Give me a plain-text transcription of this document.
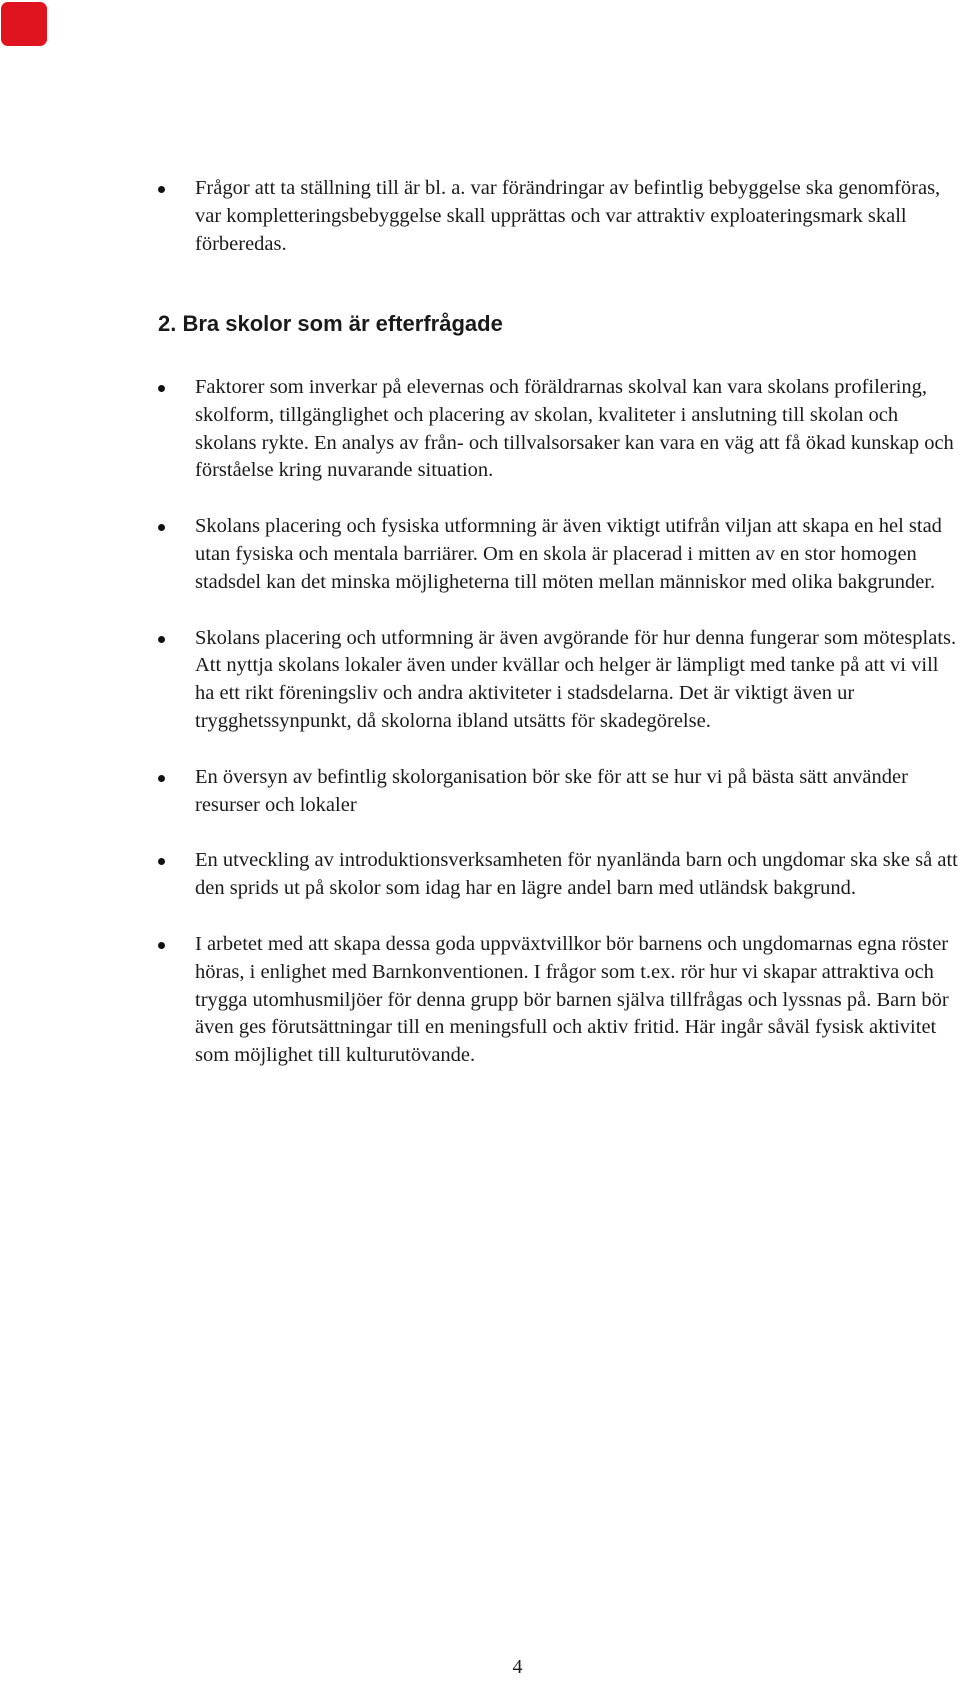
Frågor att ta ställning till är bl. a. var förändringar av befintlig bebyggelse ska genomföras, var kompletteringsbebyggelse skall upprättas och var attraktiv exploateringsmark skall förberedas.
2. Bra skolor som är efterfrågade
Faktorer som inverkar på elevernas och föräldrarnas skolval kan vara skolans profilering, skolform, tillgänglighet och placering av skolan, kvaliteter i anslutning till skolan och skolans rykte. En analys av från- och tillvalsorsaker kan vara en väg att få ökad kunskap och förståelse kring nuvarande situation.
Skolans placering och fysiska utformning är även viktigt utifrån viljan att skapa en hel stad utan fysiska och mentala barriärer. Om en skola är placerad i mitten av en stor homogen stadsdel kan det minska möjligheterna till möten mellan människor med olika bakgrunder.
Skolans placering och utformning är även avgörande för hur denna fungerar som mötesplats. Att nyttja skolans lokaler även under kvällar och helger är lämpligt med tanke på att vi vill ha ett rikt föreningsliv och andra aktiviteter i stadsdelarna. Det är viktigt även ur trygghetssynpunkt, då skolorna ibland utsätts för skadegörelse.
En översyn av befintlig skolorganisation bör ske för att se hur vi på bästa sätt använder resurser och lokaler
En utveckling av introduktionsverksamheten för nyanlända barn och ungdomar ska ske så att den sprids ut på skolor som idag har en lägre andel barn med utländsk bakgrund.
I arbetet med att skapa dessa goda uppväxtvillkor bör barnens och ungdomarnas egna röster höras, i enlighet med Barnkonventionen. I frågor som t.ex. rör hur vi skapar attraktiva och trygga utomhusmiljöer för denna grupp bör barnen själva tillfrågas och lyssnas på. Barn bör även ges förutsättningar till en meningsfull och aktiv fritid. Här ingår såväl fysisk aktivitet som möjlighet till kulturutövande.
4
